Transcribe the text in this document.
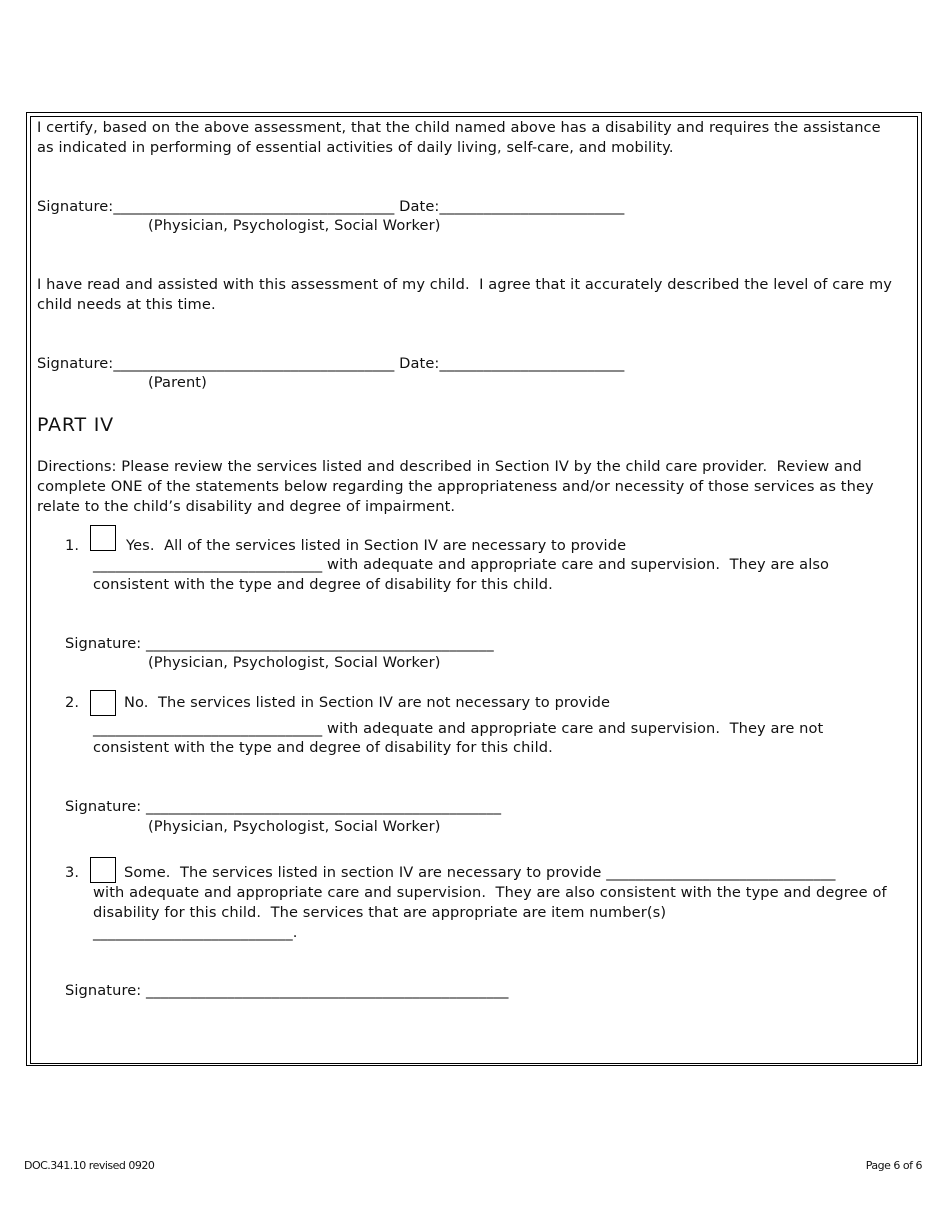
I certify, based on the above assessment, that the child named above has a disability and requires the assistance
as indicated in performing of essential activities of daily living, self-care, and mobility.
Signature:______________________________________ Date:_________________________
(Physician, Psychologist, Social Worker)
I have read and assisted with this assessment of my child.  I agree that it accurately described the level of care my
child needs at this time.
Signature:______________________________________ Date:_________________________
(Parent)
PART IV
Directions: Please review the services listed and described in Section IV by the child care provider.  Review and
complete ONE of the statements below regarding the appropriateness and/or necessity of those services as they
relate to the child’s disability and degree of impairment.
1.	Yes.  All of the services listed in Section IV are necessary to provide
_______________________________ with adequate and appropriate care and supervision.  They are also
consistent with the type and degree of disability for this child.
Signature: _______________________________________________
(Physician, Psychologist, Social Worker)
2.	No.  The services listed in Section IV are not necessary to provide
_______________________________ with adequate and appropriate care and supervision.  They are not
consistent with the type and degree of disability for this child.
Signature: ________________________________________________
(Physician, Psychologist, Social Worker)
3.	Some.  The services listed in section IV are necessary to provide _______________________________
with adequate and appropriate care and supervision.  They are also consistent with the type and degree of
disability for this child.  The services that are appropriate are item number(s)
___________________________.
Signature: _________________________________________________
DOC.341.10 revised 0920	Page 6 of 6
